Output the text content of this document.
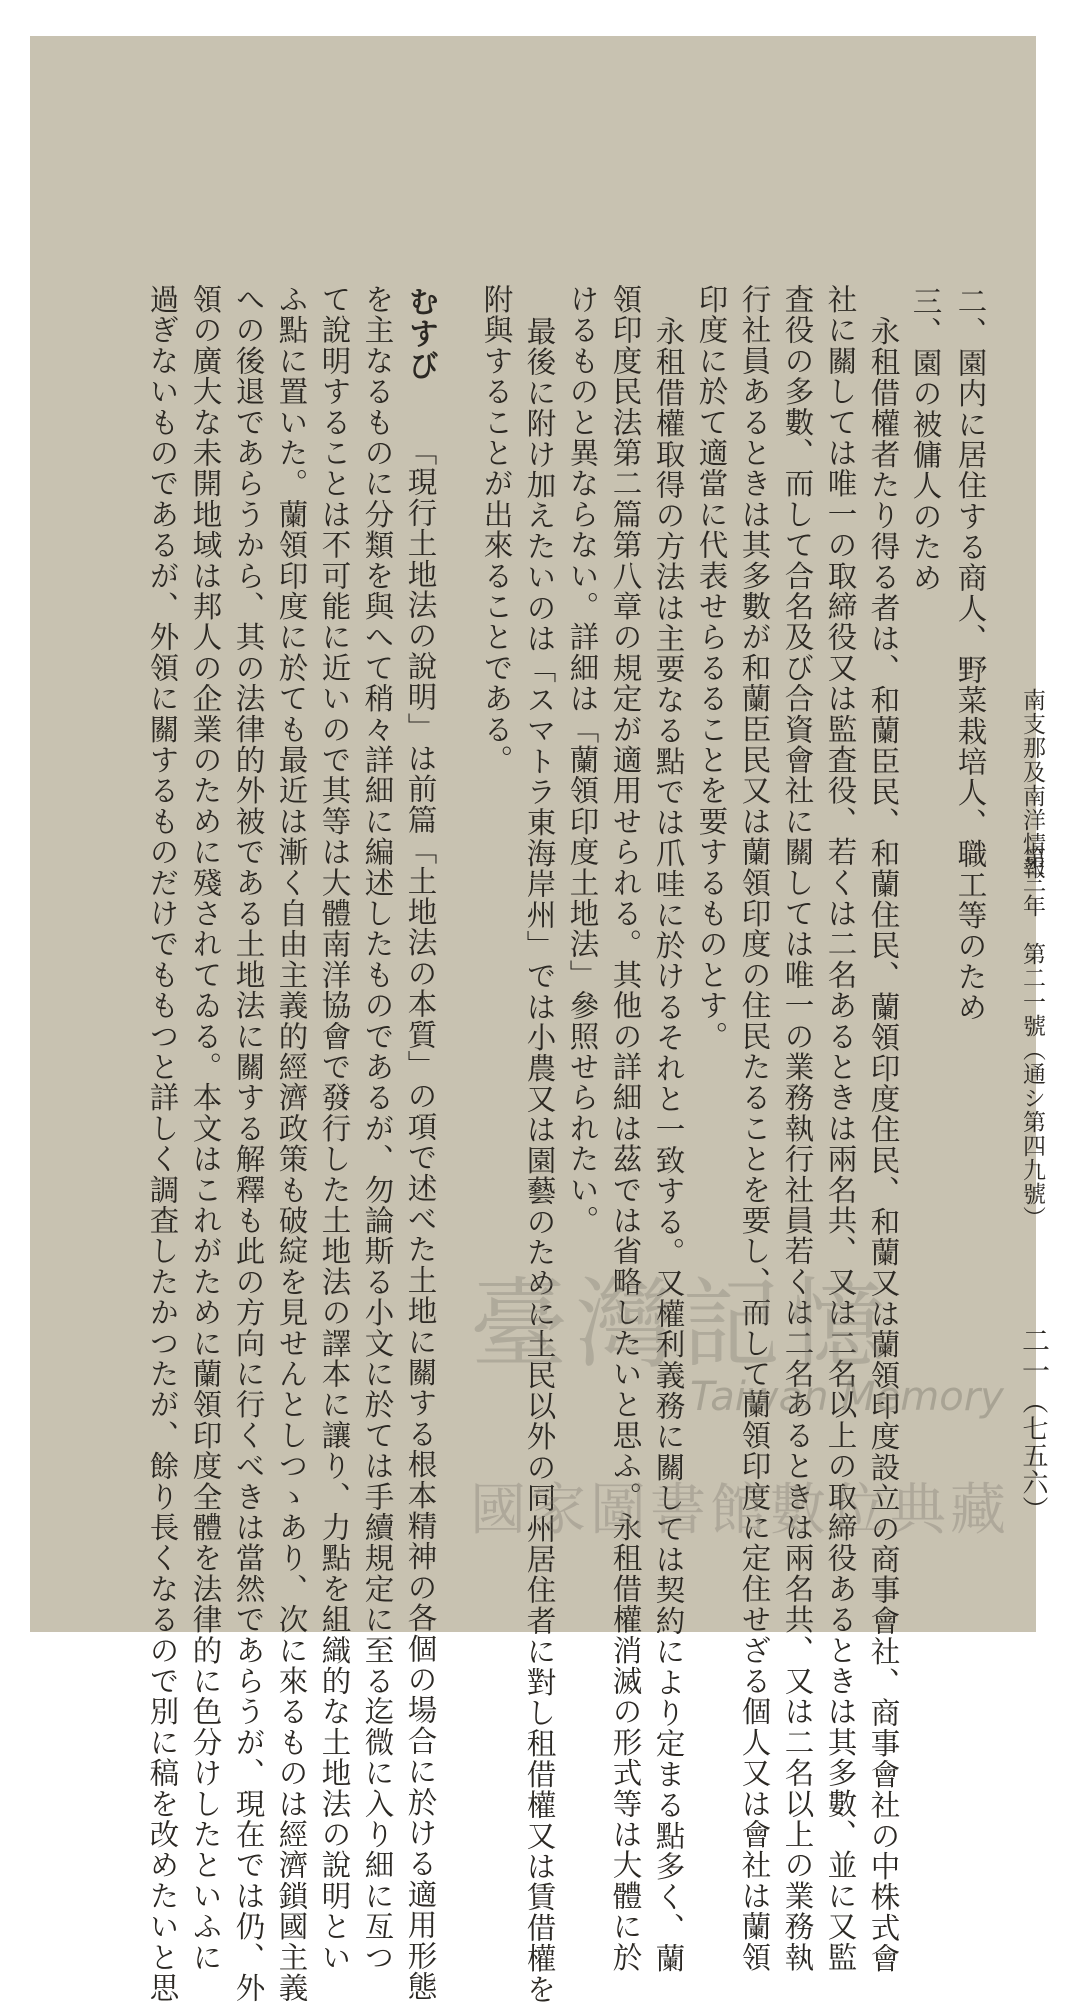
南支那及南洋情報
第三年　第二一號（通シ第四九號）
二一
（七五六）
二、園内に居住する商人、野菜栽培人、職工等のため
三、園の被傭人のため
永租借權者たり得る者は、和蘭臣民、和蘭住民、蘭領印度住民、和蘭又は蘭領印度設立の商事會社、商事會社の中株式會
社に關しては唯一の取締役又は監査役、若くは二名あるときは兩名共、又は二名以上の取締役あるときは其多數、並に又監
査役の多數、而して合名及び合資會社に關しては唯一の業務執行社員若くは二名あるときは兩名共、又は二名以上の業務執
行社員あるときは其多數が和蘭臣民又は蘭領印度の住民たることを要し、而して蘭領印度に定住せざる個人又は會社は蘭領
印度に於て適當に代表せらるることを要するものとす。
永租借權取得の方法は主要なる點では爪哇に於けるそれと一致する。又權利義務に關しては契約により定まる點多く、蘭
領印度民法第二篇第八章の規定が適用せられる。其他の詳細は茲では省略したいと思ふ。永租借權消滅の形式等は大體に於
けるものと異ならない。詳細は「蘭領印度土地法」參照せられたい。
最後に附け加えたいのは「スマトラ東海岸州」では小農又は園藝のために土民以外の同州居住者に對し租借權又は賃借權を
附與することが出來ることである。
むすび
「現行土地法の說明」は前篇「土地法の本質」の項で述べた土地に關する根本精神の各個の場合に於ける適用形態
を主なるものに分類を與へて稍々詳細に編述したものであるが、勿論斯る小文に於ては手續規定に至る迄微に入り細に亙つ
て說明することは不可能に近いので其等は大體南洋協會で發行した土地法の譯本に讓り、力點を組織的な土地法の說明とい
ふ點に置いた。蘭領印度に於ても最近は漸く自由主義的經濟政策も破綻を見せんとしつゝあり、次に來るものは經濟鎖國主義
への後退であらうから、其の法律的外被である土地法に關する解釋も此の方向に行くべきは當然であらうが、現在では仍、外
領の廣大な未開地域は邦人の企業のために殘されてゐる。本文はこれがために蘭領印度全體を法律的に色分けしたといふに
過ぎないものであるが、外領に關するものだけでももつと詳しく調査したかつたが、餘り長くなるので別に稿を改めたいと思	臺灣記憶
Taiwan Memory
國家圖書館數位典藏
